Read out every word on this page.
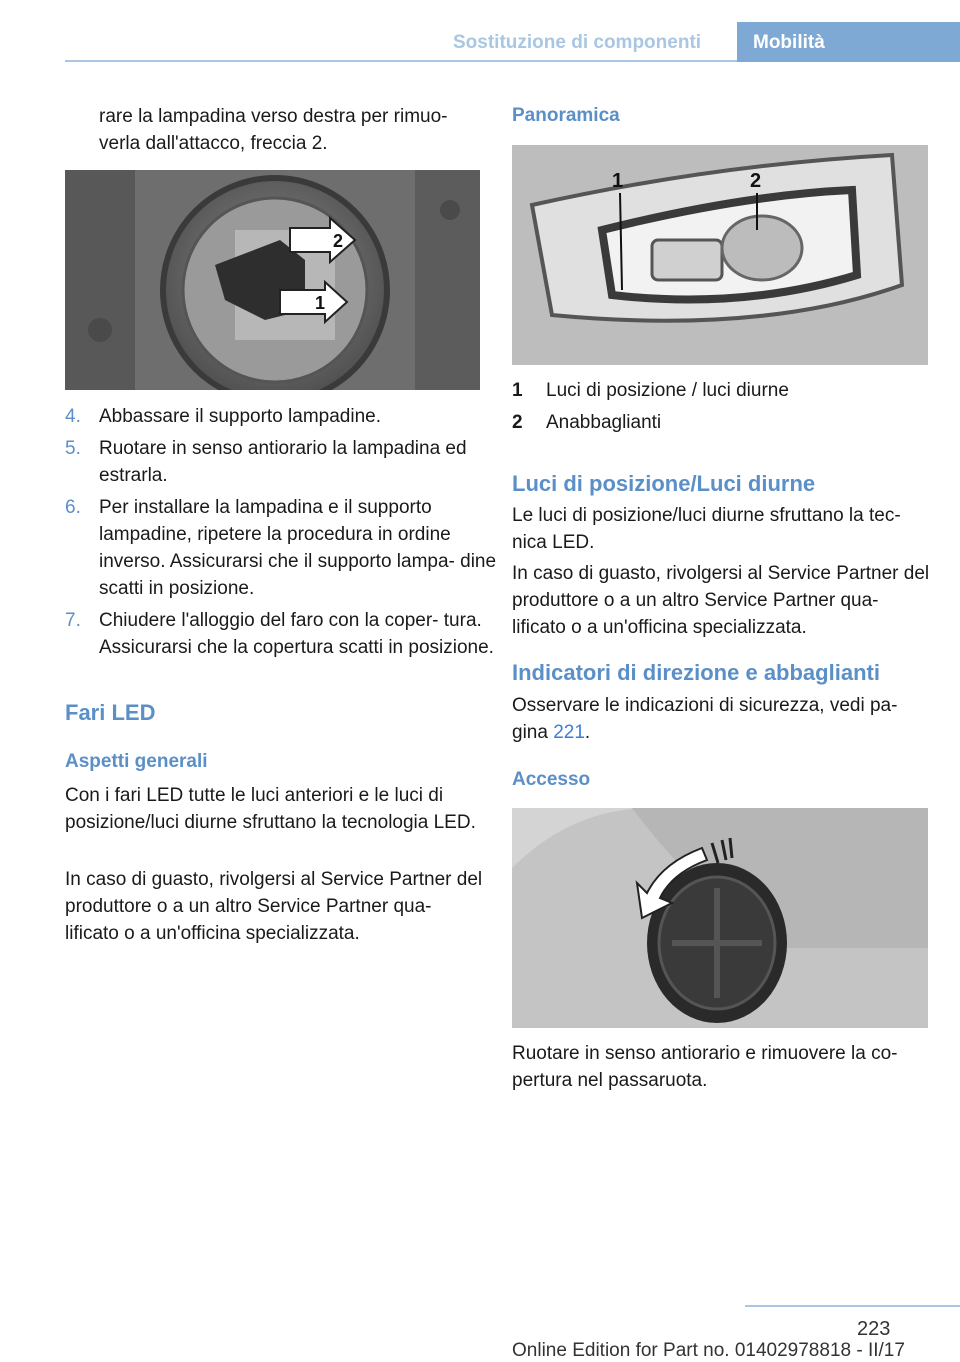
Sostituzione di componenti	Mobilità

rare la lampadina verso destra per rimuo- verla dall'attacco, freccia 2.

2
1
4. Abbassare il supporto lampadine.
5. Ruotare in senso antiorario la lampadina ed estrarla.
6. Per installare la lampadina e il supporto lampadine, ripetere la procedura in ordine inverso. Assicurarsi che il supporto lampa- dine scatti in posizione.
7. Chiudere l'alloggio del faro con la coper- tura. Assicurarsi che la copertura scatti in posizione.
Fari LED
Aspetti generali

Con i fari LED tutte le luci anteriori e le luci di posizione/luci diurne sfruttano la tecnologia LED.

In caso di guasto, rivolgersi al Service Partner del produttore o a un altro Service Partner qua- lificato o a un'officina specializzata.

Panoramica
1	2
1 Luci di posizione / luci diurne
2 Anabbaglianti
Luci di posizione/Luci diurne

Le luci di posizione/luci diurne sfruttano la tec- nica LED.

In caso di guasto, rivolgersi al Service Partner del produttore o a un altro Service Partner qua- lificato o a un'officina specializzata.

Indicatori di direzione e abbaglianti

Osservare le indicazioni di sicurezza, vedi pa- gina 221.

Accesso

Ruotare in senso antiorario e rimuovere la co- pertura nel passaruota.

223
Online Edition for Part no. 01402978818 - II/17
